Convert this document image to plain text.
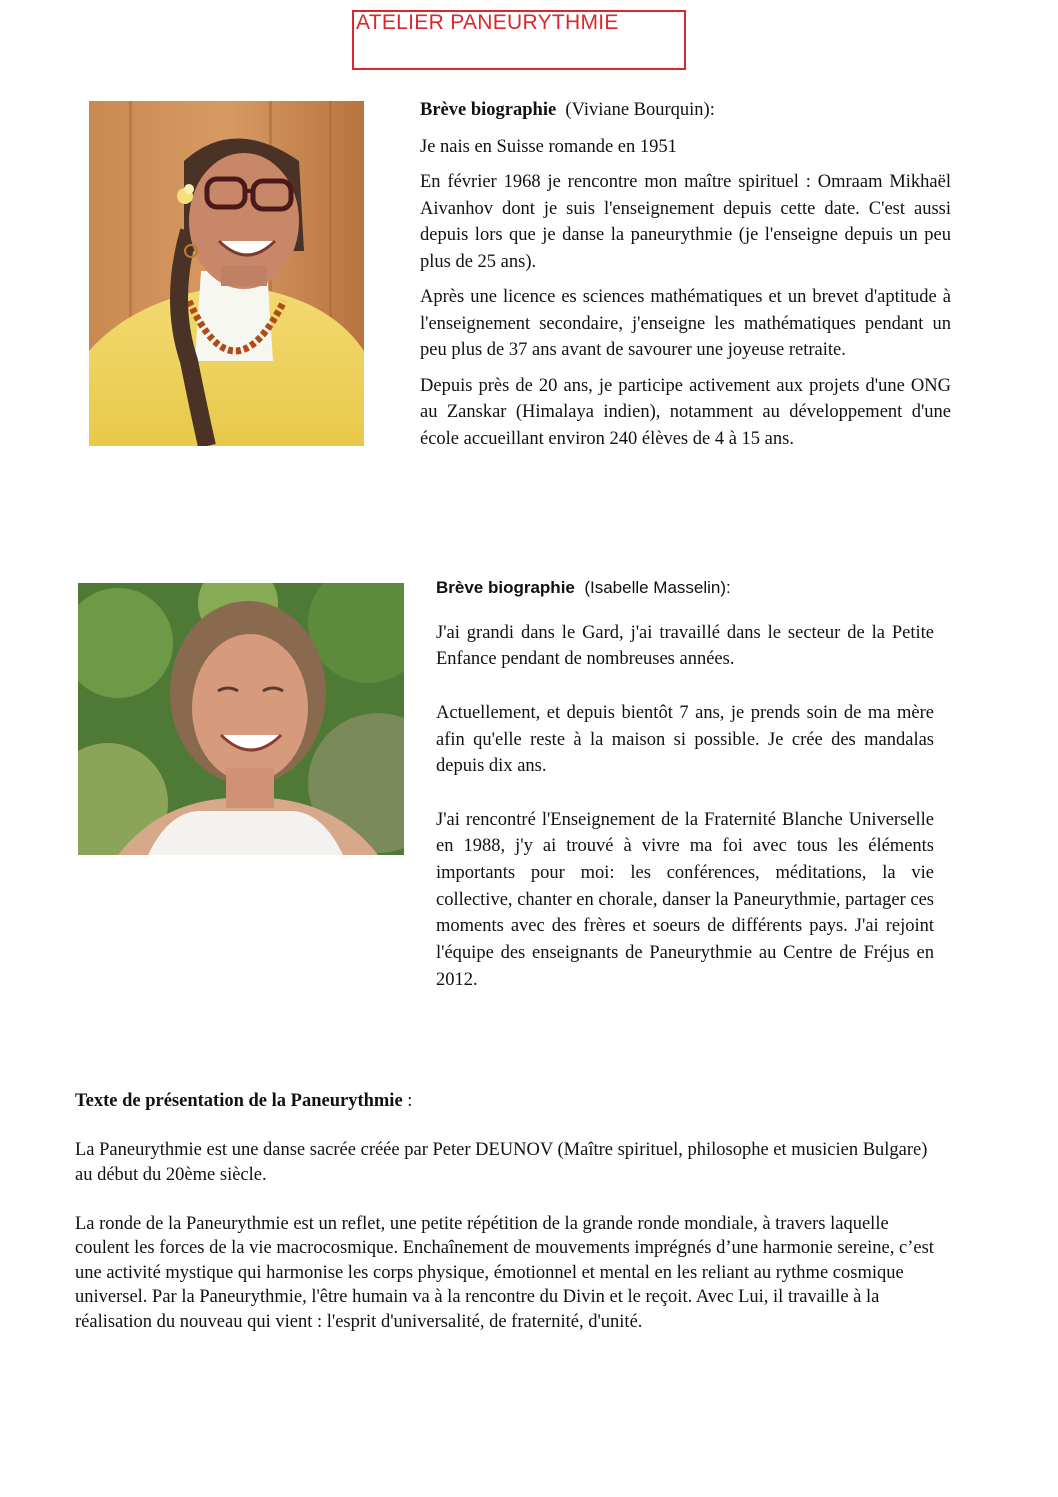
ATELIER PANEURYTHMIE

Brève biographie  (Viviane Bourquin):

Je nais en Suisse romande en 1951

En février 1968 je rencontre mon maître spirituel : Omraam Mikhaël Aivanhov dont je suis l'enseignement depuis cette date. C'est aussi depuis lors que je danse la paneurythmie (je l'enseigne depuis un peu plus de 25 ans).

Après une licence es sciences mathématiques et un brevet d'aptitude à l'enseignement secondaire, j'enseigne les mathématiques pendant un peu plus de 37 ans avant de savourer une joyeuse retraite.

Depuis près de 20 ans, je participe activement aux projets d'une ONG au Zanskar (Himalaya indien), notamment au développement d'une école accueillant environ 240 élèves de 4 à 15 ans.

Brève biographie  (Isabelle Masselin):

J'ai grandi dans le Gard, j'ai travaillé dans le secteur de la Petite Enfance pendant de nombreuses années.

Actuellement, et depuis bientôt 7 ans, je prends soin de ma mère afin qu'elle reste à la maison si possible. Je crée des mandalas depuis dix ans.

J'ai rencontré l'Enseignement de la Fraternité Blanche Universelle en 1988, j'y ai trouvé à vivre ma foi avec tous les éléments importants pour moi: les conférences, méditations, la vie collective, chanter en chorale, danser la Paneurythmie, partager ces moments avec des frères et soeurs de différents pays. J'ai rejoint l'équipe des enseignants de Paneurythmie au Centre de Fréjus en 2012.

Texte de présentation de la Paneurythmie :

La Paneurythmie est une danse sacrée créée par Peter DEUNOV (Maître spirituel, philosophe et musicien Bulgare) au début du 20ème siècle.

La ronde de la Paneurythmie est un reflet, une petite répétition de la grande ronde mondiale, à travers laquelle coulent les forces de la vie macrocosmique. Enchaînement de mouvements imprégnés d’une harmonie sereine, c’est une activité mystique qui harmonise les corps physique, émotionnel et mental en les reliant au rythme cosmique universel. Par la Paneurythmie, l'être humain va à la rencontre du Divin et le reçoit. Avec Lui, il travaille à la réalisation du nouveau qui vient : l'esprit d'universalité, de fraternité, d'unité.
